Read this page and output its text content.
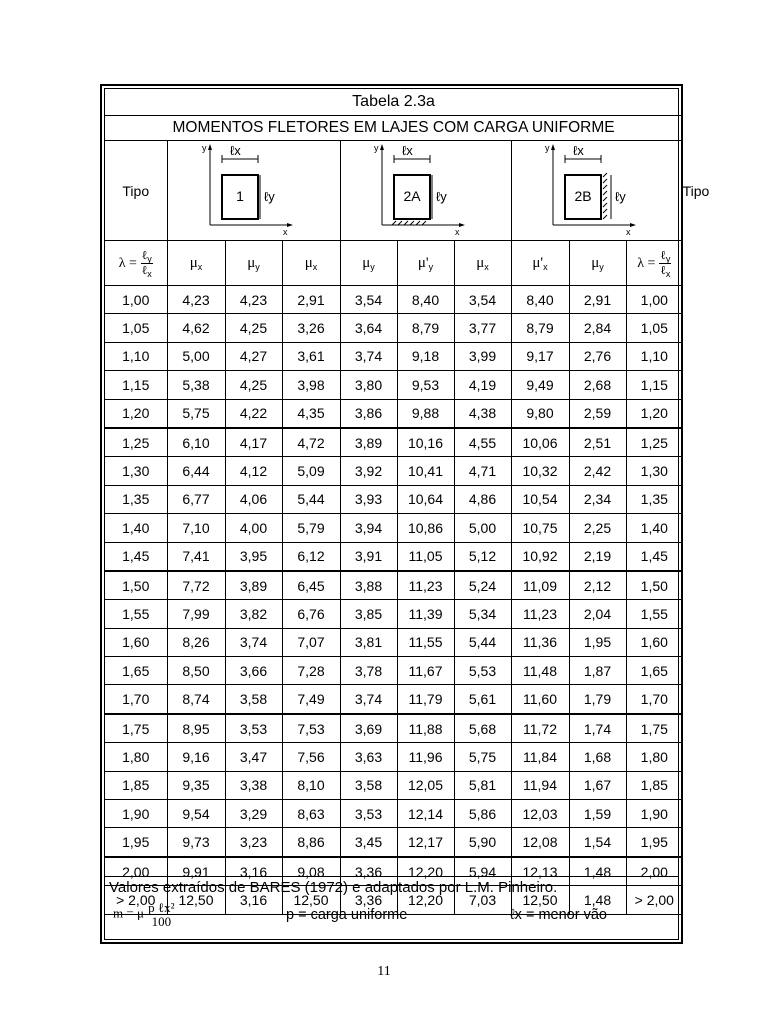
Tabela 2.3a										
MOMENTOS FLETORES EM LAJES COM CARGA UNIFORME										
Tipo	y
x
ℓx
1 ℓy			y
x
ℓx
2A ℓy			y
x
ℓx
2B ℓy			Tipo
$\lambda = \frac{\ell_y}{\ell_x}$	$\mu_x$	$\mu_y$	$\mu_x$	$\mu_y$	$\mu'_y$	$\mu_x$	$\mu'_x$	$\mu_y$	$\lambda = \frac{\ell_y}{\ell_x}$

1,00	4,23	4,23	2,91	3,54	8,40	3,54	8,40	2,91	1,00	
1,05	4,62	4,25	3,26	3,64	8,79	3,77	8,79	2,84	1,05	
1,10	5,00	4,27	3,61	3,74	9,18	3,99	9,17	2,76	1,10	
1,15	5,38	4,25	3,98	3,80	9,53	4,19	9,49	2,68	1,15	
1,20	5,75	4,22	4,35	3,86	9,88	4,38	9,80	2,59	1,20	
1,25	6,10	4,17	4,72	3,89	10,16	4,55	10,06	2,51	1,25	
1,30	6,44	4,12	5,09	3,92	10,41	4,71	10,32	2,42	1,30	
1,35	6,77	4,06	5,44	3,93	10,64	4,86	10,54	2,34	1,35	
1,40	7,10	4,00	5,79	3,94	10,86	5,00	10,75	2,25	1,40	
1,45	7,41	3,95	6,12	3,91	11,05	5,12	10,92	2,19	1,45	
1,50	7,72	3,89	6,45	3,88	11,23	5,24	11,09	2,12	1,50	
1,55	7,99	3,82	6,76	3,85	11,39	5,34	11,23	2,04	1,55	
1,60	8,26	3,74	7,07	3,81	11,55	5,44	11,36	1,95	1,60	
1,65	8,50	3,66	7,28	3,78	11,67	5,53	11,48	1,87	1,65	
1,70	8,74	3,58	7,49	3,74	11,79	5,61	11,60	1,79	1,70	
1,75	8,95	3,53	7,53	3,69	11,88	5,68	11,72	1,74	1,75	
1,80	9,16	3,47	7,56	3,63	11,96	5,75	11,84	1,68	1,80	
1,85	9,35	3,38	8,10	3,58	12,05	5,81	11,94	1,67	1,85	
1,90	9,54	3,29	8,63	3,53	12,14	5,86	12,03	1,59	1,90	
1,95	9,73	3,23	8,86	3,45	12,17	5,90	12,08	1,54	1,95	
2,00	9,91	3,16	9,08	3,36	12,20	5,94	12,13	1,48	2,00	
> 2,00	12,50	3,16	12,50	3,36	12,20	7,03	12,50	1,48	> 2,00	
Valores extraídos de BARES (1972) e adaptados por L.M. Pinheiro.
m = μ $\frac{\text{p ℓx²}}{100}$	p = carga uniforme	ℓx = menor vão
11
